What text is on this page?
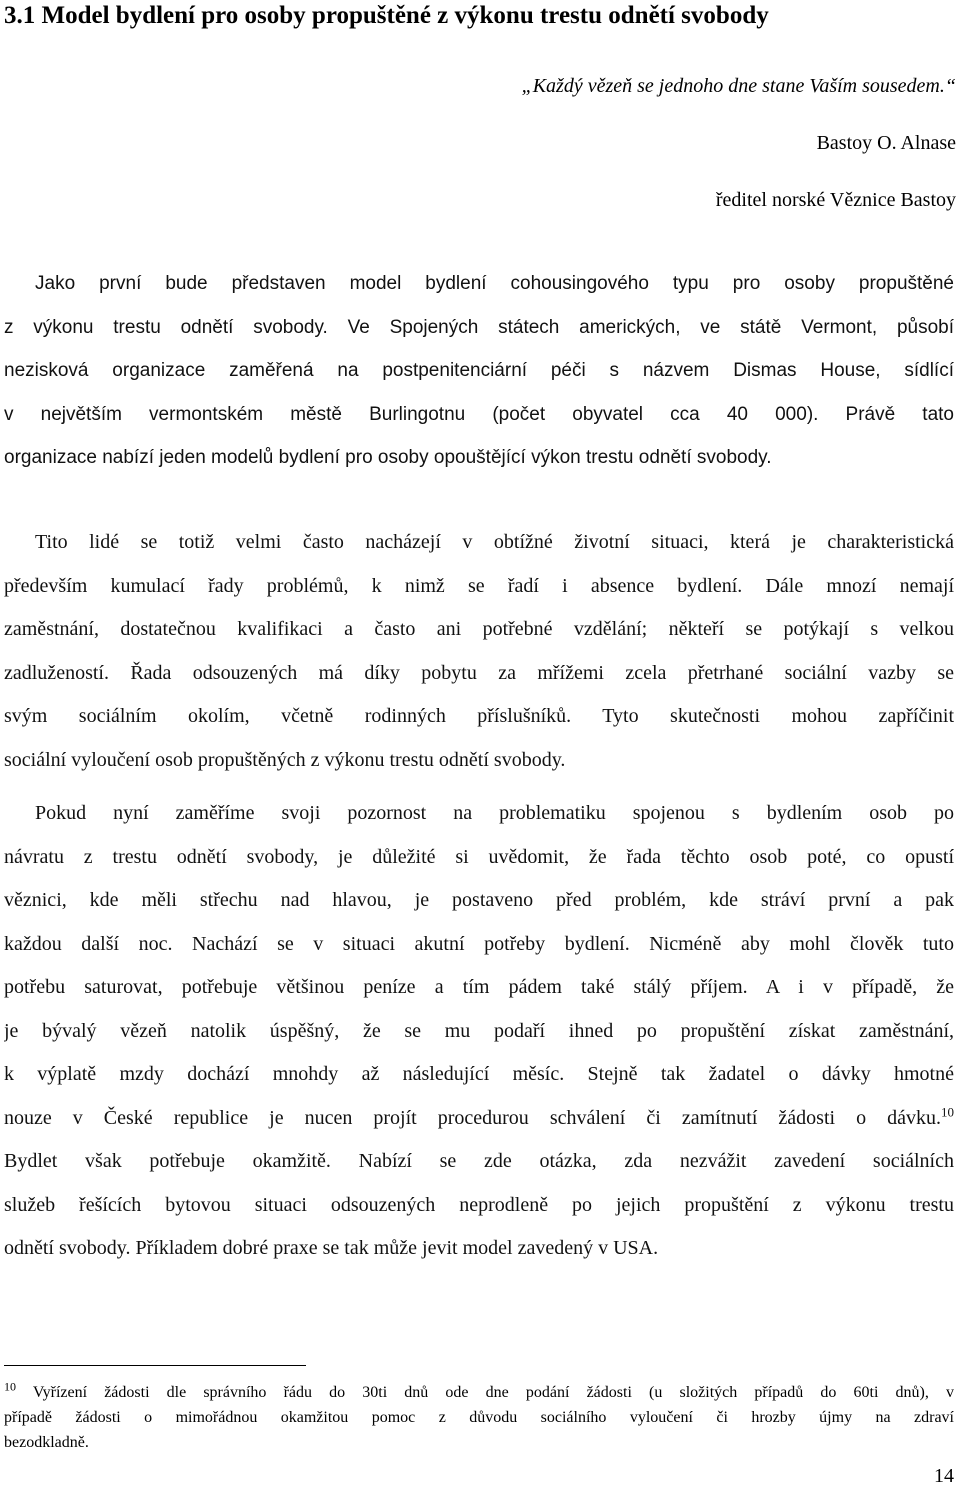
3.1 Model bydlení pro osoby propuštěné z výkonu trestu odnětí svobody
„Každý vězeň se jednoho dne stane Vaším sousedem.“
Bastoy O. Alnase
ředitel norské Věznice Bastoy
Jako první bude představen model bydlení cohousingového typu pro osoby propuštěné
z výkonu trestu odnětí svobody. Ve Spojených státech amerických, ve státě Vermont, působí
nezisková organizace zaměřená na postpenitenciární péči s názvem Dismas House, sídlící
v největším vermontském městě Burlingotnu (počet obyvatel cca 40 000). Právě tato
organizace nabízí jeden modelů bydlení pro osoby opouštějící výkon trestu odnětí svobody.
Tito lidé se totiž velmi často nacházejí v obtížné životní situaci, která je charakteristická
především kumulací řady problémů, k nimž se řadí i absence bydlení. Dále mnozí nemají
zaměstnání, dostatečnou kvalifikaci a často ani potřebné vzdělání; někteří se potýkají s velkou
zadlužeností. Řada odsouzených má díky pobytu za mřížemi zcela přetrhané sociální vazby se
svým sociálním okolím, včetně rodinných příslušníků. Tyto skutečnosti mohou zapříčinit
sociální vyloučení osob propuštěných z výkonu trestu odnětí svobody.
Pokud nyní zaměříme svoji pozornost na problematiku spojenou s bydlením osob po
návratu z trestu odnětí svobody, je důležité si uvědomit, že řada těchto osob poté, co opustí
věznici, kde měli střechu nad hlavou, je postaveno před problém, kde stráví první a pak
každou další noc. Nachází se v situaci akutní potřeby bydlení. Nicméně aby mohl člověk tuto
potřebu saturovat, potřebuje většinou peníze a tím pádem také stálý příjem. A i v případě, že
je bývalý vězeň natolik úspěšný, že se mu podaří ihned po propuštění získat zaměstnání,
k výplatě mzdy dochází mnohdy až následující měsíc. Stejně tak žadatel o dávky hmotné
nouze v České republice je nucen projít procedurou schválení či zamítnutí žádosti o dávku.$^{10}$
Bydlet však potřebuje okamžitě. Nabízí se zde otázka, zda nezvážit zavedení sociálních
služeb řešících bytovou situaci odsouzených neprodleně po jejich propuštění z výkonu trestu
odnětí svobody. Příkladem dobré praxe se tak může jevit model zavedený v USA.
$^{10}$ Vyřízení žádosti dle správního řádu do 30ti dnů ode dne podání žádosti (u složitých případů do 60ti dnů), v
případě žádosti o mimořádnou okamžitou pomoc z důvodu sociálního vyloučení či hrozby újmy na zdraví
bezodkladně.
14
